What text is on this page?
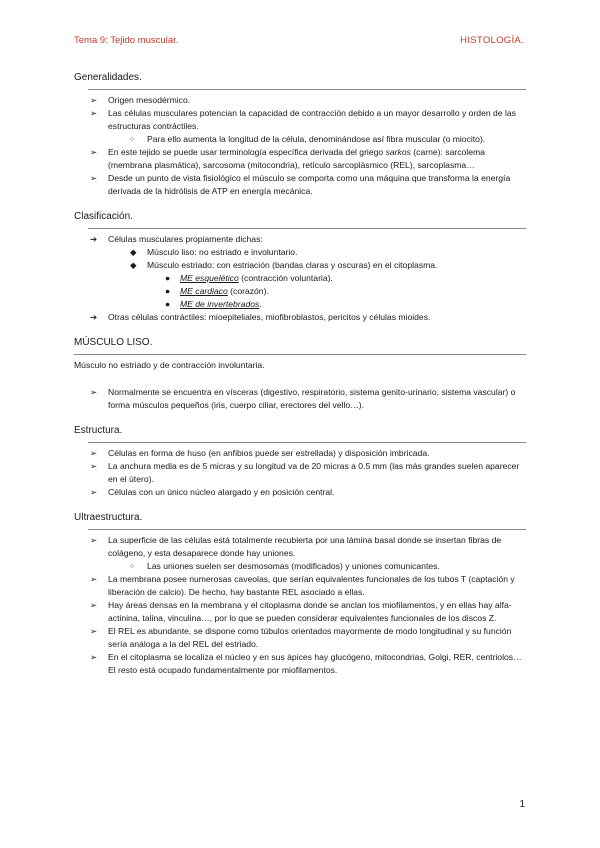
Tema 9: Tejido muscular.	HISTOLOGÍA.
Generalidades.
➢ Origen mesodérmico.
➢ Las células musculares potencian la capacidad de contracción debido a un mayor desarrollo y orden de las estructuras contráctiles.
○ Para ello aumenta la longitud de la célula, denominándose así fibra muscular (o miocito).
➢ En este tejido se puede usar terminología específica derivada del griego sarkos (carne): sarcolema (membrana plasmática), sarcosoma (mitocondria), retículo sarcoplásmico (REL), sarcoplasma…
➢ Desde un punto de vista fisiológico el músculo se comporta como una máquina que transforma la energía derivada de la hidrólisis de ATP en energía mecánica.
Clasificación.
➔ Células musculares propiamente dichas:
◆ Músculo liso: no estriado e involuntario.
◆ Músculo estriado: con estriación (bandas claras y oscuras) en el citoplasma.
● ME esquelético (contracción voluntaria).
● ME cardiaco (corazón).
● ME de invertebrados.
➔ Otras células contráctiles: mioepiteliales, miofibroblastos, pericitos y células mioides.
MÚSCULO LISO.
Músculo no estriado y de contracción involuntaria.
➢ Normalmente se encuentra en vísceras (digestivo, respiratorio, sistema genito-urinario, sistema vascular) o forma músculos pequeños (iris, cuerpo ciliar, erectores del vello…).
Estructura.
➢ Células en forma de huso (en anfibios puede ser estrellada) y disposición imbricada.
➢ La anchura media es de 5 micras y su longitud va de 20 micras a 0.5 mm (las más grandes suelen aparecer en el útero).
➢ Células con un único núcleo alargado y en posición central.
Ultraestructura.
➢ La superficie de las células está totalmente recubierta por una lámina basal donde se insertan fibras de colágeno, y esta desaparece donde hay uniones.
○ Las uniones suelen ser desmosomas (modificados) y uniones comunicantes.
➢ La membrana posee numerosas caveolas, que serían equivalentes funcionales de los tubos T (captación y liberación de calcio). De hecho, hay bastante REL asociado a ellas.
➢ Hay áreas densas en la membrana y el citoplasma donde se anclan los miofilamentos, y en ellas hay alfa-actinina, talina, vinculina…, por lo que se pueden considerar equivalentes funcionales de los discos Z.
➢ El REL es abundante, se dispone como túbulos orientados mayormente de modo longitudinal y su función sería análoga a la del REL del estriado.
➢ En el citoplasma se localiza el núcleo y en sus ápices hay glucógeno, mitocondrias, Golgi, RER, centriolos… El resto está ocupado fundamentalmente por miofilamentos.
1
